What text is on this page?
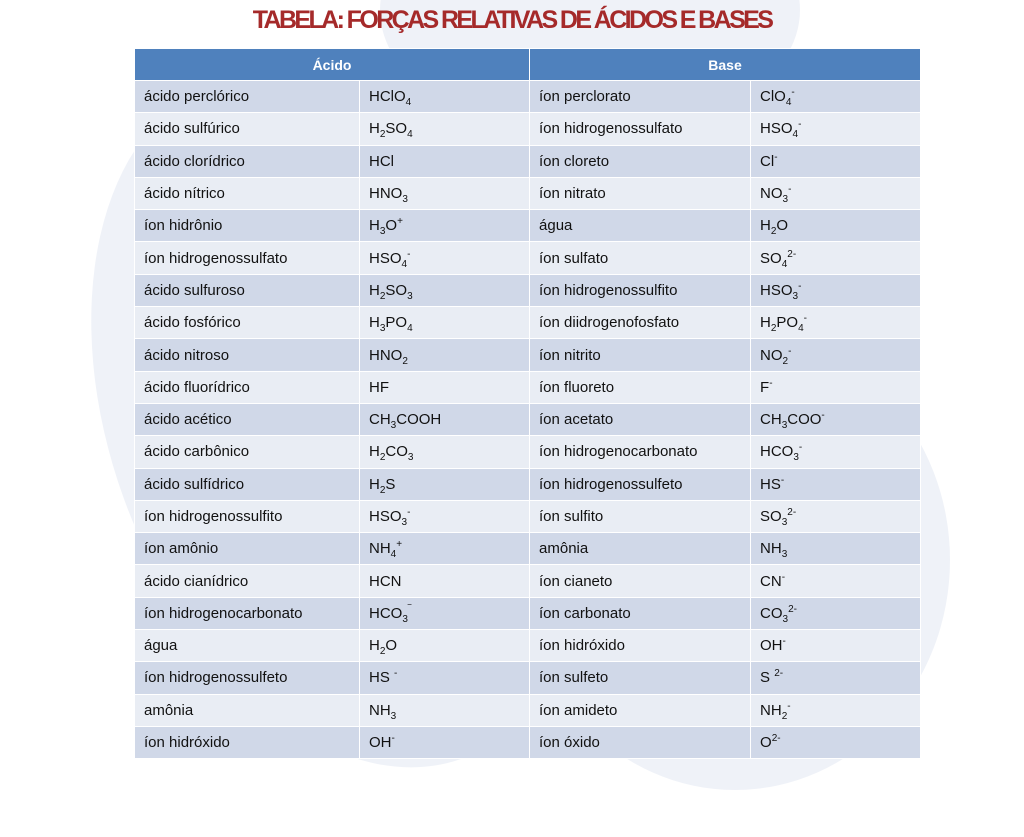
TABELA: FORÇAS RELATIVAS DE ÁCIDOS E BASES
Ácido		Base	
ácido perclórico	HClO$_4$	íon perclorato	ClO$_4$-
ácido sulfúrico	$H_2SO_4$	íon hidrogenossulfato	$HSO_4^-$
ácido clorídrico	HCl	íon cloreto	Cl-
ácido nítrico	$HNO_3$	íon nitrato	$NO_3^-$
íon hidrônio	$H_3O^+$	água	$H_2O$
íon hidrogenossulfato	$HSO_4^-$	íon sulfato	$SO_4^{2-}$
ácido sulfuroso	$H_2SO_3$	íon hidrogenossulfito	$HSO_3^-$
ácido fosfórico	$H_3PO_4$	íon diidrogenofosfato	$H_2PO_4^-$
ácido nitroso	$HNO_2$	íon nitrito	$NO_2^-$
ácido fluorídrico	HF	íon fluoreto	F-
ácido acético	$CH_3COOH$	íon acetato	$CH_3COO^-$
ácido carbônico	$H_2CO_3$	íon hidrogenocarbonato	$HCO_3^-$
ácido sulfídrico	$H_2S$	íon hidrogenossulfeto	HS-
íon hidrogenossulfito	$HSO_3^-$	íon sulfito	$SO_3^{2-}$
íon amônio	$NH_4^+$	amônia	$NH_3$
ácido cianídrico	HCN	íon cianeto	CN-
íon hidrogenocarbonato	$HCO_3^‾$	íon carbonato	$CO_3^{2-}$
água	$H_2O$	íon hidróxido	OH-
íon hidrogenossulfeto	HS -	íon sulfeto	S $^{2-}$
amônia	$NH_3$	íon amideto	$NH_2^-$
íon hidróxido	OH-	íon óxido	$O^{2-}$
